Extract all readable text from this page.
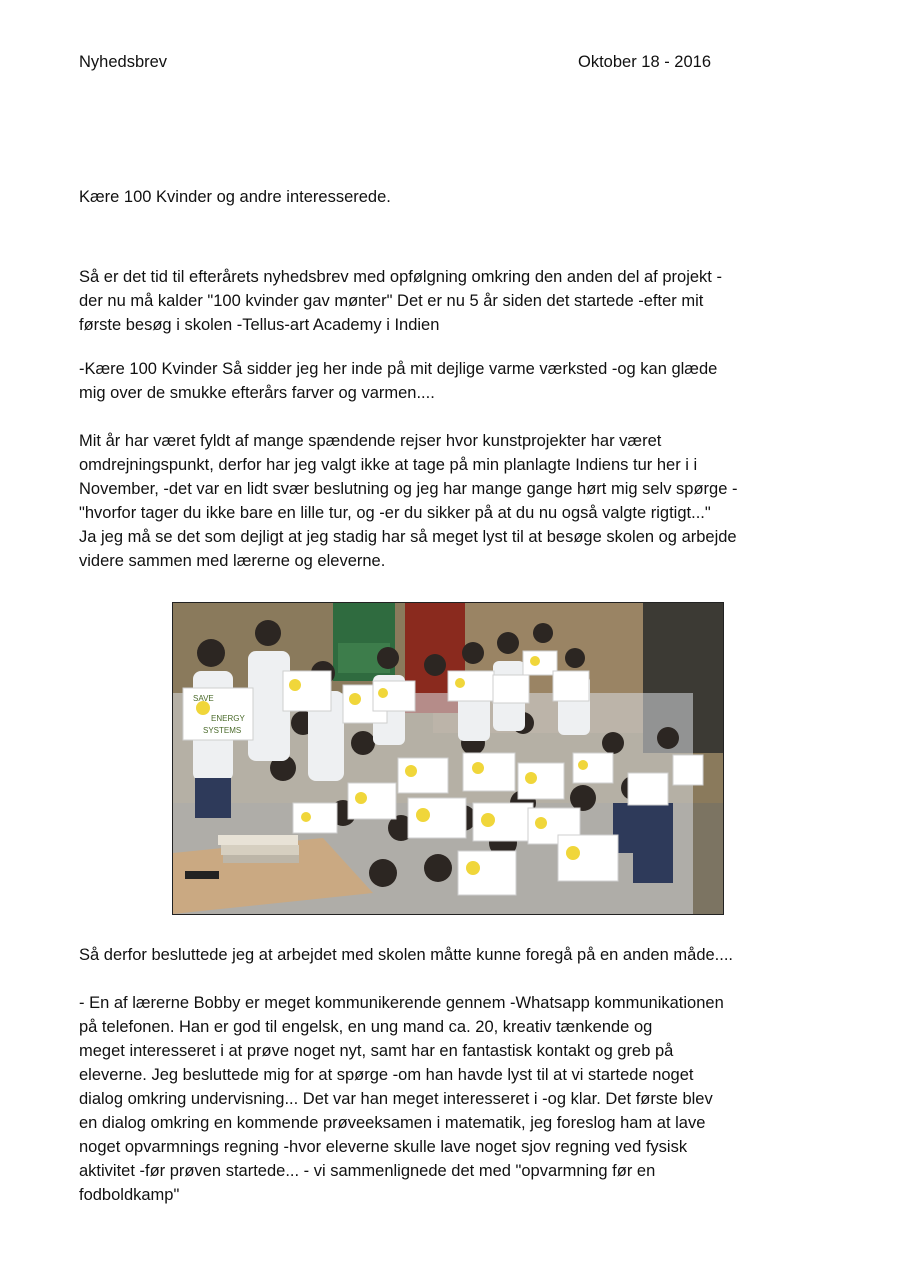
Nyhedsbrev	Oktober 18 - 2016

Kære 100 Kvinder og andre interesserede.

Så er det tid til efterårets nyhedsbrev med opfølgning omkring den anden del af projekt -
der nu må kalder "100 kvinder gav mønter" Det er nu 5 år siden det startede -efter mit
første besøg i skolen -Tellus-art Academy i Indien

-Kære 100 Kvinder Så sidder jeg her inde på mit dejlige varme værksted -og kan glæde
mig over de smukke efterårs farver og varmen....

Mit år har været fyldt af mange spændende rejser hvor kunstprojekter har været
omdrejningspunkt, derfor har jeg valgt ikke at tage på min planlagte Indiens tur her i i
November, -det var en lidt svær beslutning og jeg har mange gange hørt mig selv spørge -
"hvorfor tager du ikke bare en lille tur, og -er du sikker på at du nu også valgte rigtigt..."
Ja jeg må se det som dejligt at jeg stadig har så meget lyst til at besøge skolen og arbejde
videre sammen med lærerne og eleverne.

SAVE
ENERGY
SYSTEMS

Så derfor besluttede jeg at arbejdet med skolen måtte kunne foregå på en anden måde....

- En af lærerne Bobby er meget kommunikerende gennem -Whatsapp kommunikationen
på telefonen. Han er god til engelsk, en ung mand ca. 20, kreativ tænkende og
meget interesseret i at prøve noget nyt, samt har en fantastisk kontakt og greb på
eleverne. Jeg besluttede mig for at spørge -om han havde lyst til at vi startede noget
dialog omkring undervisning... Det var han meget interesseret i -og klar. Det første blev
en dialog omkring en kommende prøveeksamen i matematik, jeg foreslog ham at lave
noget opvarmnings regning -hvor eleverne skulle lave noget sjov regning ved fysisk
aktivitet -før prøven startede... - vi sammenlignede det med "opvarmning før en
fodboldkamp"
